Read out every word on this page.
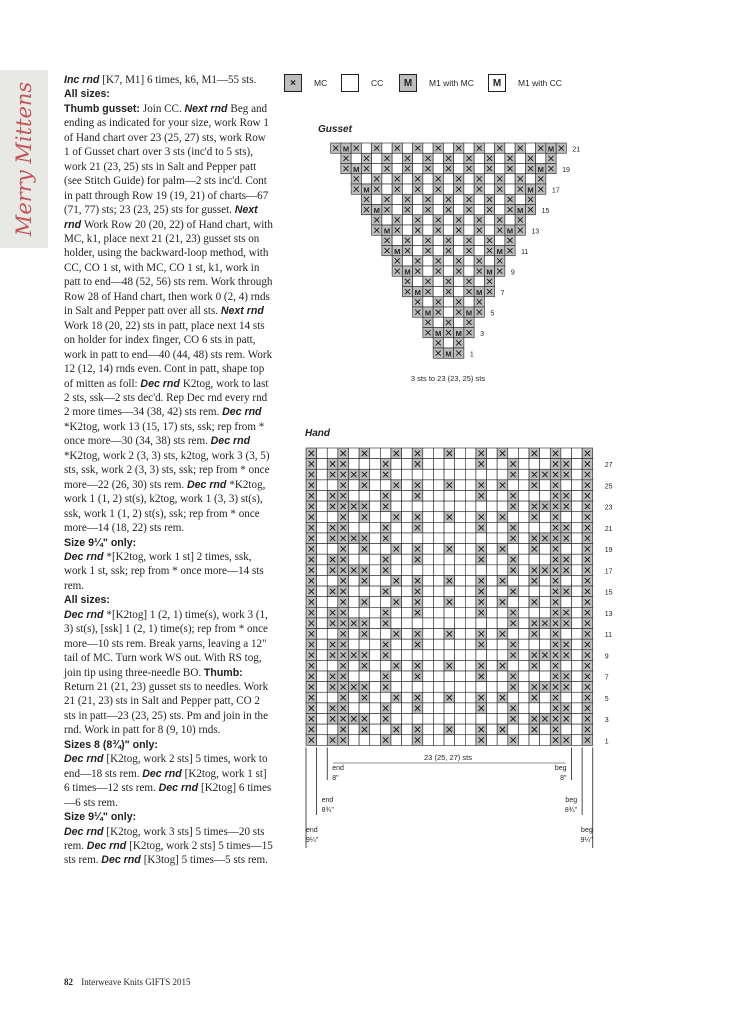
Merry Mittens

Inc rnd [K7, M1] 6 times, k6, M1—55 sts.

All sizes:

Thumb gusset: Join CC. Next rnd Beg and ending as indicated for your size, work Row 1 of Hand chart over 23 (25, 27) sts, work Row 1 of Gusset chart over 3 sts (inc'd to 5 sts), work 21 (23, 25) sts in Salt and Pepper patt (see Stitch Guide) for palm—2 sts inc'd. Cont in patt through Row 19 (19, 21) of charts—67 (71, 77) sts; 23 (23, 25) sts for gusset. Next rnd Work Row 20 (20, 22) of Hand chart, with MC, k1, place next 21 (21, 23) gusset sts on holder, using the backward-loop method, with CC, CO 1 st, with MC, CO 1 st, k1, work in patt to end—48 (52, 56) sts rem. Work through Row 28 of Hand chart, then work 0 (2, 4) rnds in Salt and Pepper patt over all sts. Next rnd Work 18 (20, 22) sts in patt, place next 14 sts on holder for index finger, CO 6 sts in patt, work in patt to end—40 (44, 48) sts rem. Work 12 (12, 14) rnds even. Cont in patt, shape top of mitten as foll: Dec rnd K2tog, work to last 2 sts, ssk—2 sts dec'd. Rep Dec rnd every rnd 2 more times—34 (38, 42) sts rem. Dec rnd *K2tog, work 13 (15, 17) sts, ssk; rep from * once more—30 (34, 38) sts rem. Dec rnd *K2tog, work 2 (3, 3) sts, k2tog, work 3 (3, 5) sts, ssk, work 2 (3, 3) sts, ssk; rep from * once more—22 (26, 30) sts rem. Dec rnd *K2tog, work 1 (1, 2) st(s), k2tog, work 1 (3, 3) st(s), ssk, work 1 (1, 2) st(s), ssk; rep from * once more—14 (18, 22) sts rem.

Size 9¼" only:

Dec rnd *[K2tog, work 1 st] 2 times, ssk, work 1 st, ssk; rep from * once more—14 sts rem.

All sizes:

Dec rnd *[K2tog] 1 (2, 1) time(s), work 3 (1, 3) st(s), [ssk] 1 (2, 1) time(s); rep from * once more—10 sts rem. Break yarns, leaving a 12" tail of MC. Turn work WS out. With RS tog, join tip using three-needle BO. Thumb: Return 21 (21, 23) gusset sts to needles. Work 21 (21, 23) sts in Salt and Pepper patt, CO 2 sts in patt—23 (23, 25) sts. Pm and join in the rnd. Work in patt for 8 (9, 10) rnds.

Sizes 8 (8¾)" only:

Dec rnd [K2tog, work 2 sts] 5 times, work to end—18 sts rem. Dec rnd [K2tog, work 1 st] 6 times—12 sts rem. Dec rnd [K2tog] 6 times—6 sts rem.

Size 9¼" only:

Dec rnd [K2tog, work 3 sts] 5 times—20 sts rem. Dec rnd [K2tog, work 2 sts] 5 times—15 sts rem. Dec rnd [K3tog] 5 times—5 sts rem.

×	MC	CC	M	M1 with MC	M	M1 with CC
Gusset
Hand
M	M
M	M
M	M
M	M
M	M
M	M
M	M
M	M
M	M
M M
M
21
19
17
15
13
11
9
7
5
3
1
3 sts to 23 (23, 25) sts
27
25
23
21
19
17
15
13
11
9
7
5
3
1
23 (25, 27) sts
end
8"
beg
8"
end
8¾"
beg
8¾"
end
9¼"
beg
9¼"
82 Interweave Knits GIFTS 2015
